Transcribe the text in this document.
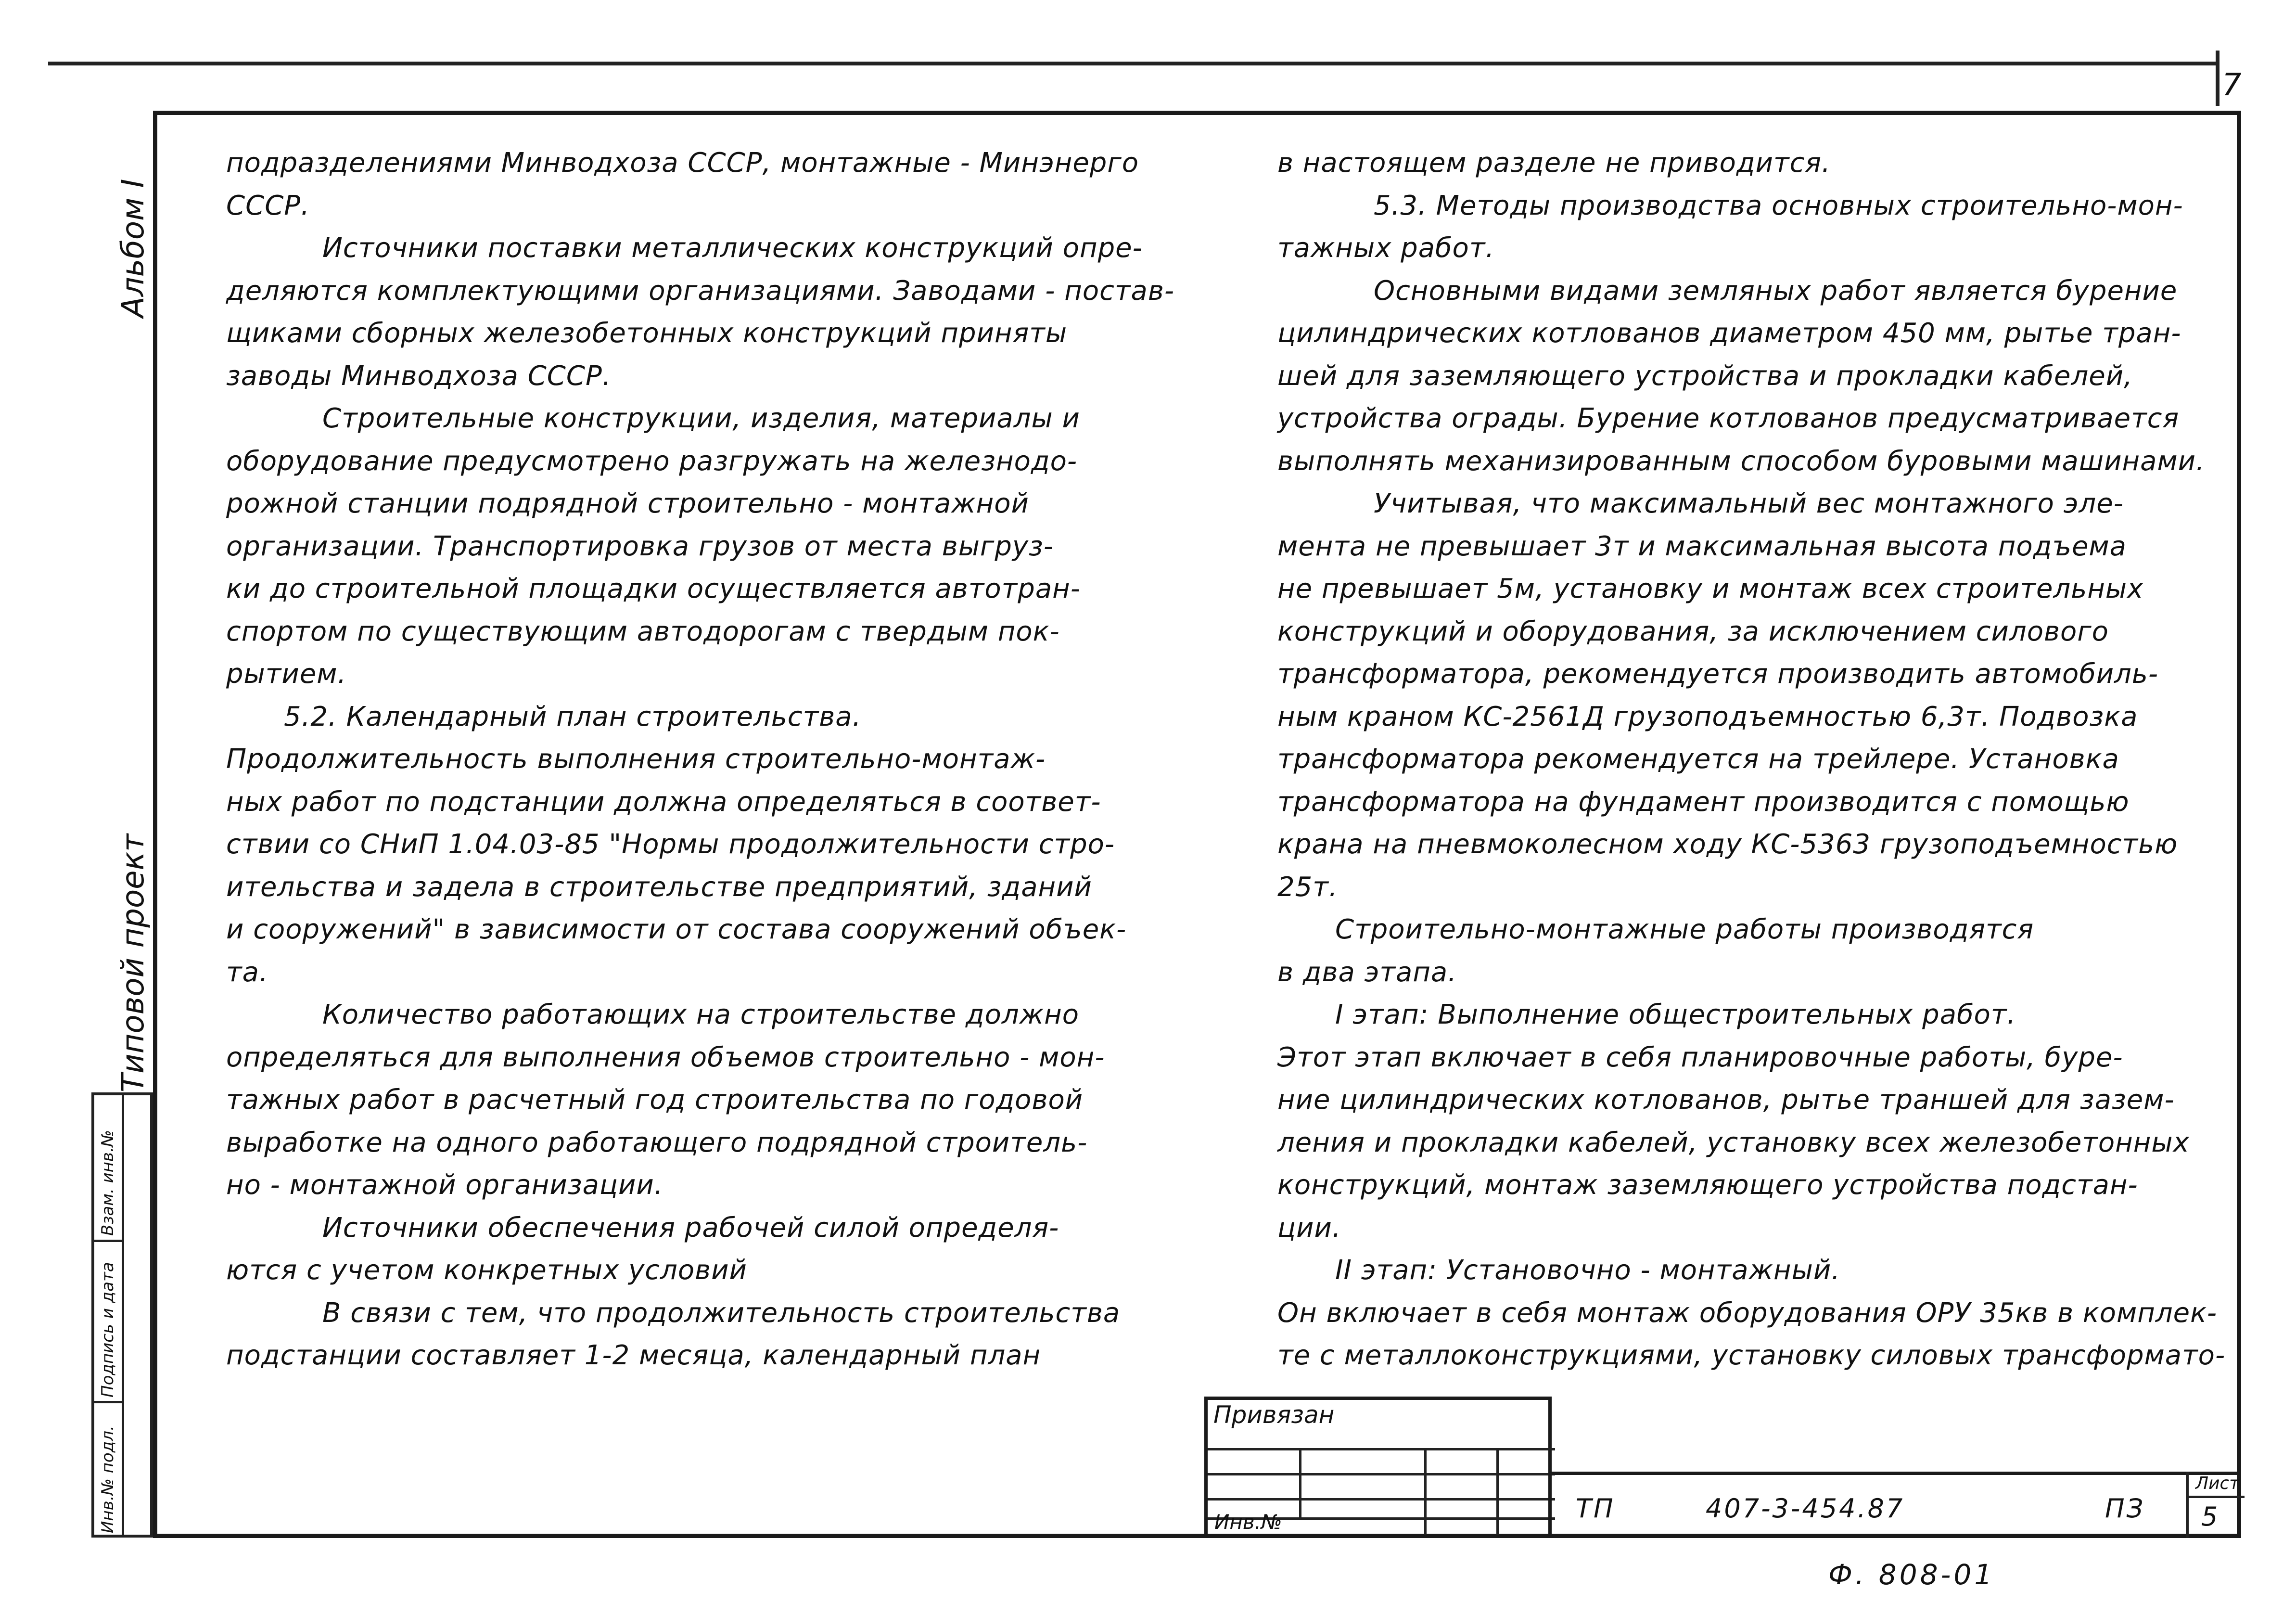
7
Альбом I
Типовой проект
Инв.№ подл.
Подпись и дата
Взам. инв.№
подразделениями Минводхоза СССР, монтажные - Минэнерго
СССР.
Источники поставки металлических конструкций опре-
деляются комплектующими организациями. Заводами - постав-
щиками сборных железобетонных конструкций приняты
заводы Минводхоза СССР.
Строительные конструкции, изделия, материалы и
оборудование предусмотрено разгружать на железнодо-
рожной станции подрядной строительно - монтажной
организации. Транспортировка грузов от места выгруз-
ки до строительной площадки осуществляется автотран-
спортом по существующим автодорогам с твердым пок-
рытием.
5.2. Календарный план строительства.
Продолжительность выполнения строительно-монтаж-
ных работ по подстанции должна определяться в соответ-
ствии со СНиП 1.04.03-85 "Нормы продолжительности стро-
ительства и задела в строительстве предприятий, зданий
и сооружений" в зависимости от состава сооружений объек-
та.
Количество работающих на строительстве должно
определяться для выполнения объемов строительно - мон-
тажных работ в расчетный год строительства по годовой
выработке на одного работающего подрядной строитель-
но - монтажной организации.
Источники обеспечения рабочей силой определя-
ются с учетом конкретных условий
В связи с тем, что продолжительность строительства
подстанции составляет 1-2 месяца, календарный план
в настоящем разделе не приводится.
5.3. Методы производства основных строительно-мон-
тажных работ.
Основными видами земляных работ является бурение
цилиндрических котлованов диаметром 450 мм, рытье тран-
шей для заземляющего устройства и прокладки кабелей,
устройства ограды. Бурение котлованов предусматривается
выполнять механизированным способом буровыми машинами.
Учитывая, что максимальный вес монтажного эле-
мента не превышает 3т и максимальная высота подъема
не превышает 5м, установку и монтаж всех строительных
конструкций и оборудования, за исключением силового
трансформатора, рекомендуется производить автомобиль-
ным краном КС-2561Д грузоподъемностью 6,3т. Подвозка
трансформатора рекомендуется на трейлере. Установка
трансформатора на фундамент производится с помощью
крана на пневмоколесном ходу КС-5363 грузоподъемностью
25т.
Строительно-монтажные работы производятся
в два этапа.
I этап: Выполнение общестроительных работ.
Этот этап включает в себя планировочные работы, буре-
ние цилиндрических котлованов, рытье траншей для зазем-
ления и прокладки кабелей, установку всех железобетонных
конструкций, монтаж заземляющего устройства подстан-
ции.
II этап: Установочно - монтажный.
Он включает в себя монтаж оборудования ОРУ 35кв в комплек-
те с металлоконструкциями, установку силовых трансформато-
Привязан
Инв.№	ТП	407-3-454.87	ПЗ
Лист
5
Ф. 808-01
